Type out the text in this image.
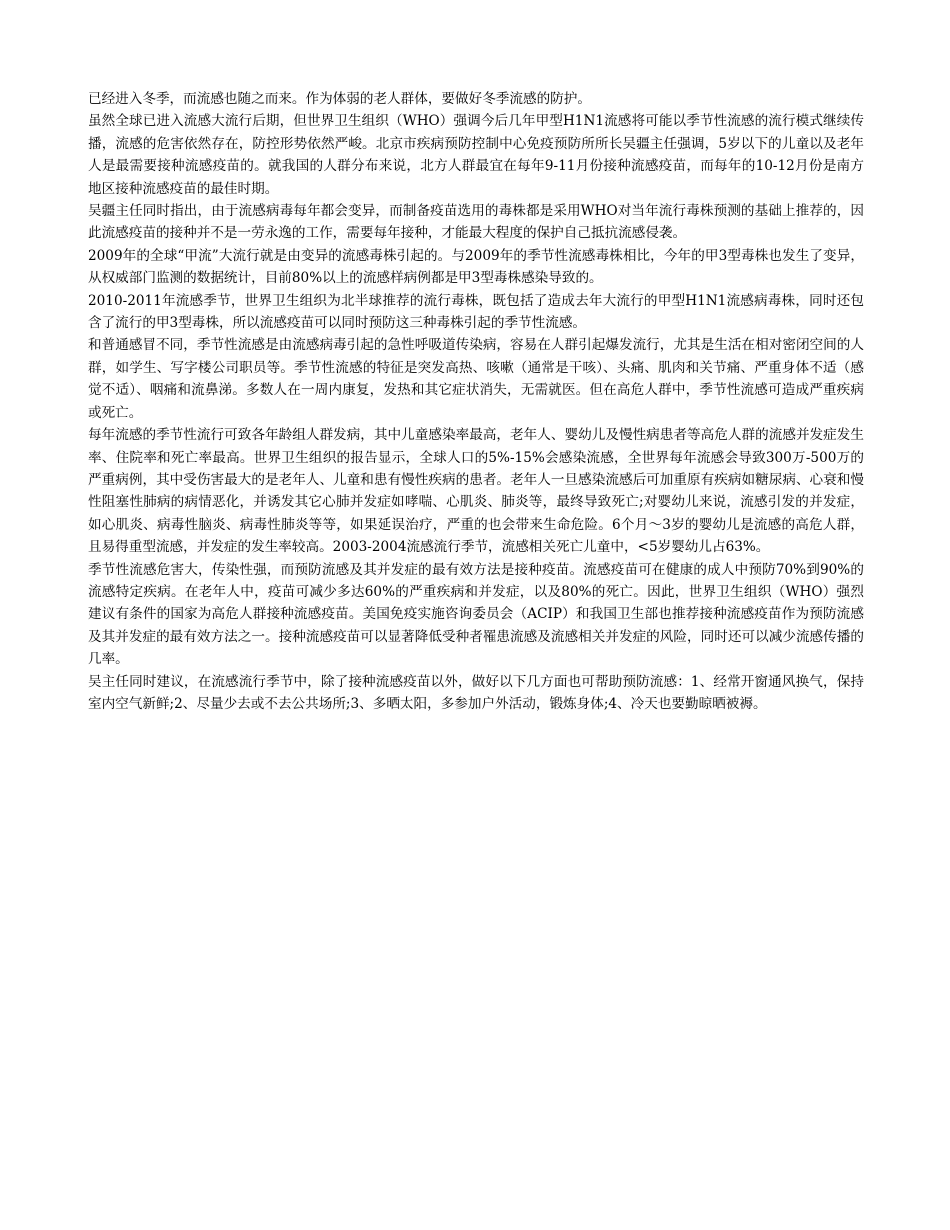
已经进入冬季，而流感也随之而来。作为体弱的老人群体，要做好冬季流感的防护。

虽然全球已进入流感大流行后期，但世界卫生组织（WHO）强调今后几年甲型H1N1流感将可能以季节性流感的流行模式继续传播，流感的危害依然存在，防控形势依然严峻。北京市疾病预防控制中心免疫预防所所长吴疆主任强调，5岁以下的儿童以及老年人是最需要接种流感疫苗的。就我国的人群分布来说，北方人群最宜在每年9-11月份接种流感疫苗，而每年的10-12月份是南方地区接种流感疫苗的最佳时期。

吴疆主任同时指出，由于流感病毒每年都会变异，而制备疫苗选用的毒株都是采用WHO对当年流行毒株预测的基础上推荐的，因此流感疫苗的接种并不是一劳永逸的工作，需要每年接种，才能最大程度的保护自己抵抗流感侵袭。

2009年的全球“甲流”大流行就是由变异的流感毒株引起的。与2009年的季节性流感毒株相比，今年的甲3型毒株也发生了变异，从权威部门监测的数据统计，目前80%以上的流感样病例都是甲3型毒株感染导致的。

2010-2011年流感季节，世界卫生组织为北半球推荐的流行毒株，既包括了造成去年大流行的甲型H1N1流感病毒株，同时还包含了流行的甲3型毒株，所以流感疫苗可以同时预防这三种毒株引起的季节性流感。

和普通感冒不同，季节性流感是由流感病毒引起的急性呼吸道传染病，容易在人群引起爆发流行，尤其是生活在相对密闭空间的人群，如学生、写字楼公司职员等。季节性流感的特征是突发高热、咳嗽（通常是干咳）、头痛、肌肉和关节痛、严重身体不适（感觉不适）、咽痛和流鼻涕。多数人在一周内康复，发热和其它症状消失，无需就医。但在高危人群中，季节性流感可造成严重疾病或死亡。

每年流感的季节性流行可致各年龄组人群发病，其中儿童感染率最高，老年人、婴幼儿及慢性病患者等高危人群的流感并发症发生率、住院率和死亡率最高。世界卫生组织的报告显示，全球人口的5%-15%会感染流感，全世界每年流感会导致300万-500万的严重病例，其中受伤害最大的是老年人、儿童和患有慢性疾病的患者。老年人一旦感染流感后可加重原有疾病如糖尿病、心衰和慢性阻塞性肺病的病情恶化，并诱发其它心肺并发症如哮喘、心肌炎、肺炎等，最终导致死亡;对婴幼儿来说，流感引发的并发症，如心肌炎、病毒性脑炎、病毒性肺炎等等，如果延误治疗，严重的也会带来生命危险。6个月～3岁的婴幼儿是流感的高危人群，且易得重型流感，并发症的发生率较高。2003-2004流感流行季节，流感相关死亡儿童中，<5岁婴幼儿占63%。

季节性流感危害大，传染性强，而预防流感及其并发症的最有效方法是接种疫苗。流感疫苗可在健康的成人中预防70%到90%的流感特定疾病。在老年人中，疫苗可减少多达60%的严重疾病和并发症，以及80%的死亡。因此，世界卫生组织（WHO）强烈建议有条件的国家为高危人群接种流感疫苗。美国免疫实施咨询委员会（ACIP）和我国卫生部也推荐接种流感疫苗作为预防流感及其并发症的最有效方法之一。接种流感疫苗可以显著降低受种者罹患流感及流感相关并发症的风险，同时还可以减少流感传播的几率。

吴主任同时建议，在流感流行季节中，除了接种流感疫苗以外，做好以下几方面也可帮助预防流感：1、经常开窗通风换气，保持室内空气新鲜;2、尽量少去或不去公共场所;3、多晒太阳，多参加户外活动，锻炼身体;4、冷天也要勤晾晒被褥。
